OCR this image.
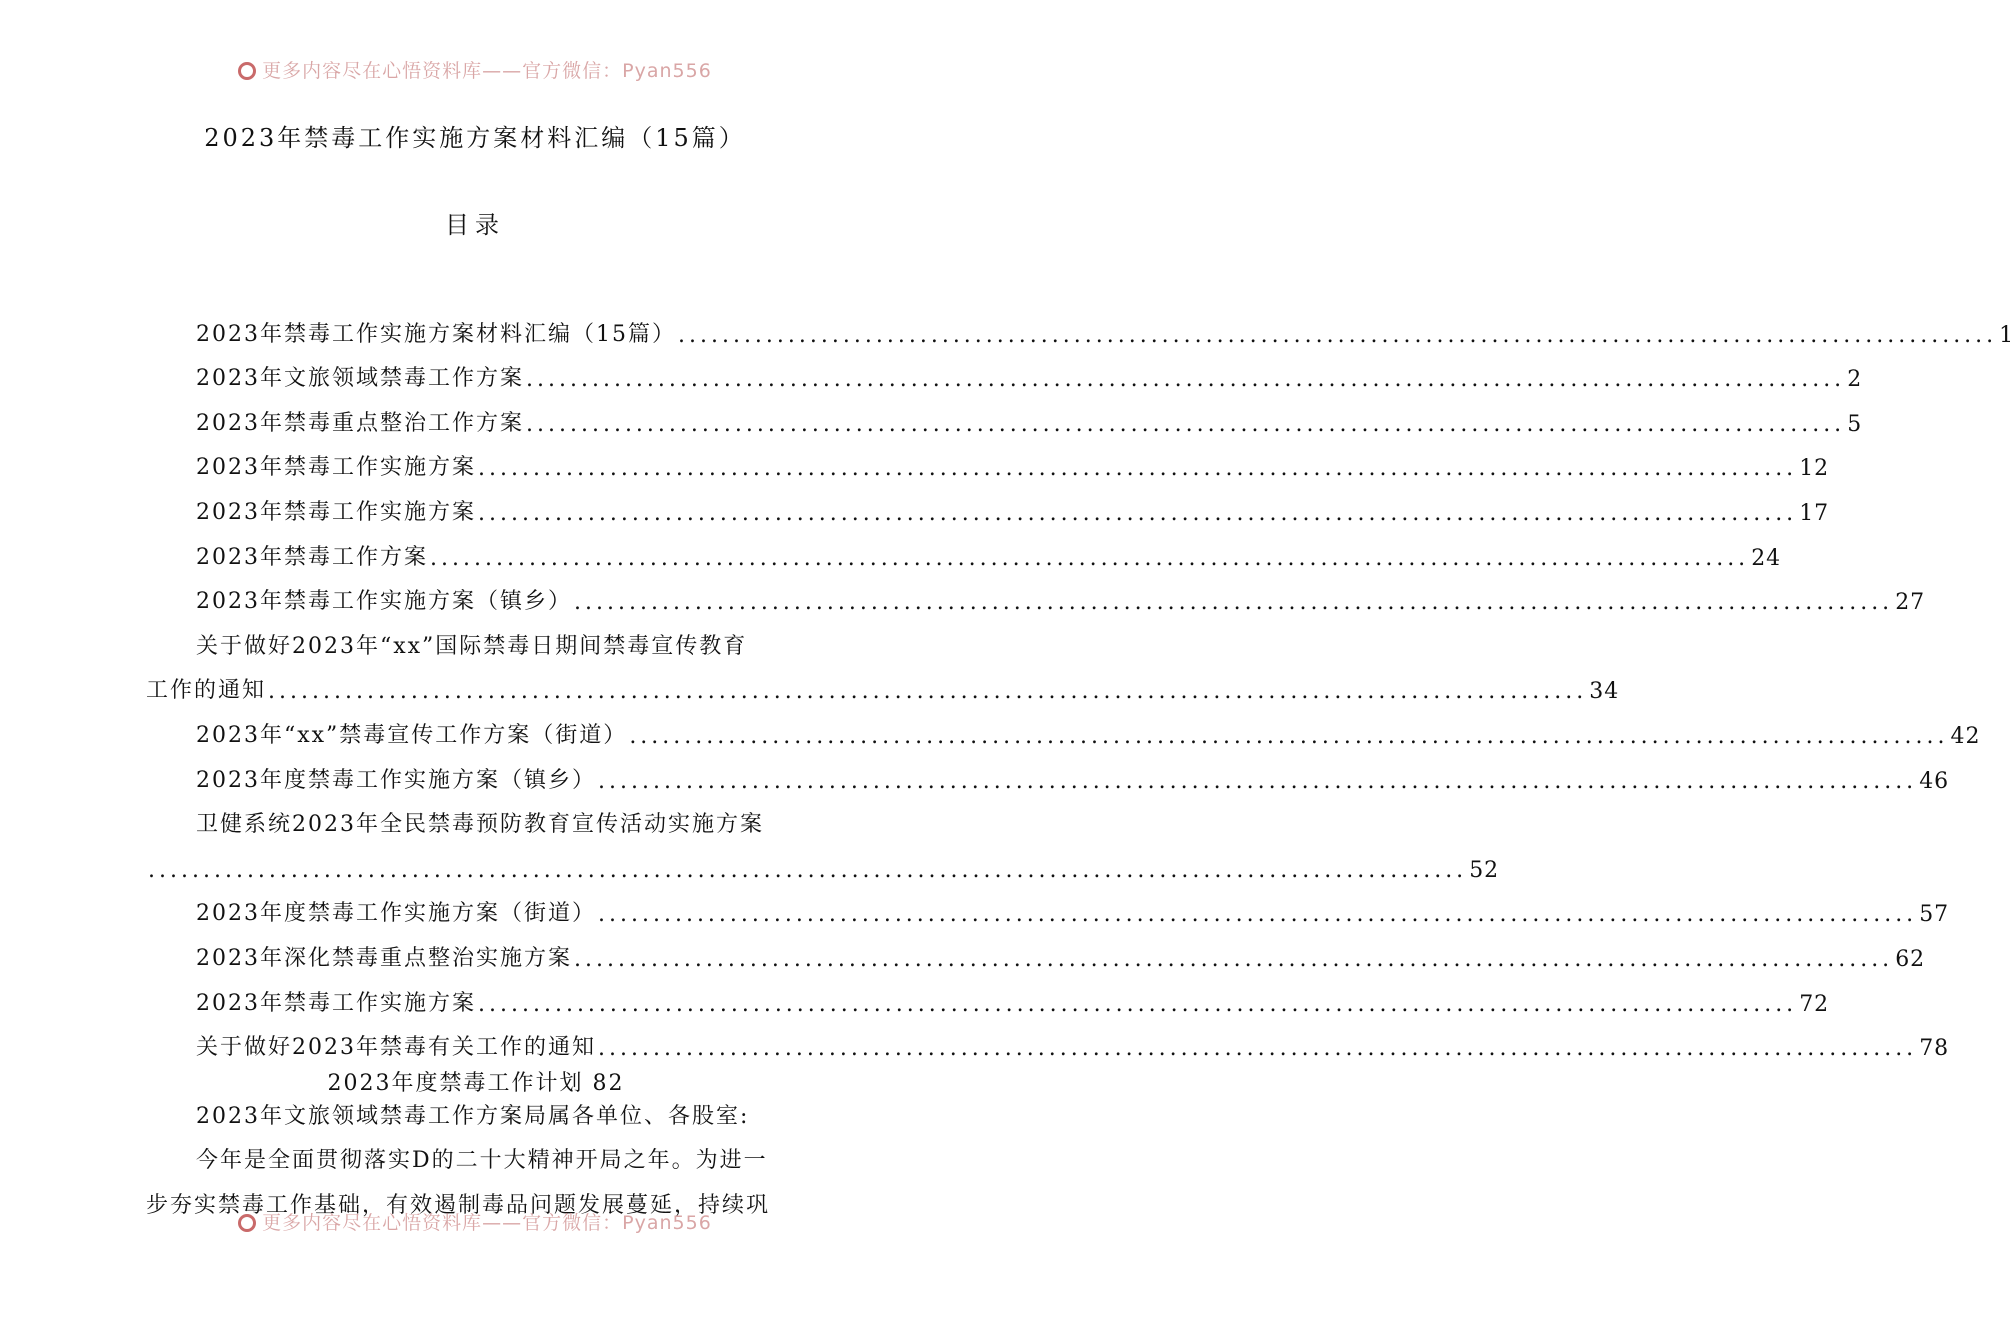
更多内容尽在心悟资料库——官方微信：Pyan556
2023年禁毒工作实施方案材料汇编（15篇）
目录
2023年禁毒工作实施方案材料汇编（15篇） ........................................................................................................................ 1
2023年文旅领域禁毒工作方案 ........................................................................................................................ 2
2023年禁毒重点整治工作方案 ........................................................................................................................ 5
2023年禁毒工作实施方案 ........................................................................................................................ 12
2023年禁毒工作实施方案 ........................................................................................................................ 17
2023年禁毒工作方案 ........................................................................................................................ 24
2023年禁毒工作实施方案（镇乡） ........................................................................................................................ 27
关于做好2023年“xx”国际禁毒日期间禁毒宣传教育
工作的通知 ........................................................................................................................ 34
2023年“xx”禁毒宣传工作方案（街道） ........................................................................................................................ 42
2023年度禁毒工作实施方案（镇乡） ........................................................................................................................ 46
卫健系统2023年全民禁毒预防教育宣传活动实施方案
........................................................................................................................ 52
2023年度禁毒工作实施方案（街道） ........................................................................................................................ 57
2023年深化禁毒重点整治实施方案 ........................................................................................................................ 62
2023年禁毒工作实施方案 ........................................................................................................................ 72
关于做好2023年禁毒有关工作的通知 ........................................................................................................................ 78
2023年度禁毒工作计划 82
2023年文旅领域禁毒工作方案局属各单位、各股室:
今年是全面贯彻落实D的二十大精神开局之年。为进一
步夯实禁毒工作基础，有效遏制毒品问题发展蔓延，持续巩
更多内容尽在心悟资料库——官方微信：Pyan556
